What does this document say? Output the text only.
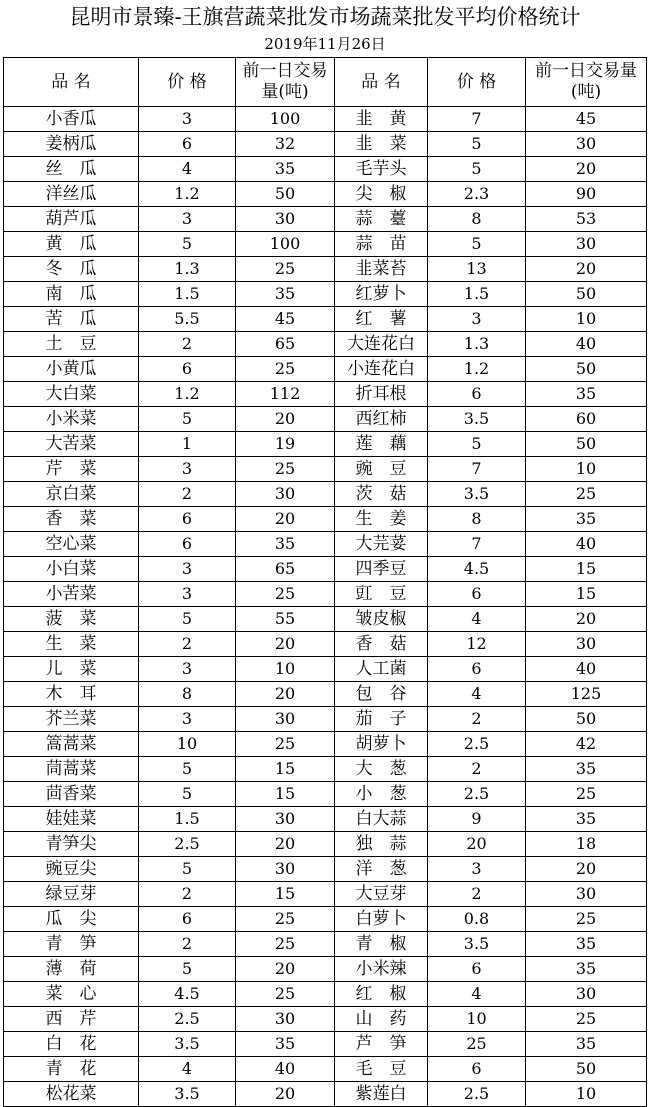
昆明市景臻-王旗营蔬菜批发市场蔬菜批发平均价格统计
2019年11月26日
品 名	价 格	前一日交易量(吨)	品 名	价 格	前一日交易量(吨)
小香瓜	3	100	韭　黄	7	45
姜柄瓜	6	32	韭　菜	5	30
丝　瓜	4	35	毛芋头	5	20
洋丝瓜	1.2	50	尖　椒	2.3	90
葫芦瓜	3	30	蒜　薹	8	53
黄　瓜	5	100	蒜　苗	5	30
冬　瓜	1.3	25	韭菜苔	13	20
南　瓜	1.5	35	红萝卜	1.5	50
苦　瓜	5.5	45	红　薯	3	10
土　豆	2	65	大连花白	1.3	40
小黄瓜	6	25	小连花白	1.2	50
大白菜	1.2	112	折耳根	6	35
小米菜	5	20	西红柿	3.5	60
大苦菜	1	19	莲　藕	5	50
芹　菜	3	25	豌　豆	7	10
京白菜	2	30	茨　菇	3.5	25
香　菜	6	20	生　姜	8	35
空心菜	6	35	大芫荽	7	40
小白菜	3	65	四季豆	4.5	15
小苦菜	3	25	豇　豆	6	15
菠　菜	5	55	皱皮椒	4	20
生　菜	2	20	香　菇	12	30
儿　菜	3	10	人工菌	6	40
木　耳	8	20	包　谷	4	125
芥兰菜	3	30	茄　子	2	50
篙蒿菜	10	25	胡萝卜	2.5	42
茼蒿菜	5	15	大　葱	2	35
茴香菜	5	15	小　葱	2.5	25
娃娃菜	1.5	30	白大蒜	9	35
青笋尖	2.5	20	独　蒜	20	18
豌豆尖	5	30	洋　葱	3	20
绿豆芽	2	15	大豆芽	2	30
瓜　尖	6	25	白萝卜	0.8	25
青　笋	2	25	青　椒	3.5	35
薄　荷	5	20	小米辣	6	35
菜　心	4.5	25	红　椒	4	30
西　芹	2.5	30	山　药	10	25
白　花	3.5	35	芦　笋	25	35
青　花	4	40	毛　豆	6	50
松花菜	3.5	20	紫莲白	2.5	10
